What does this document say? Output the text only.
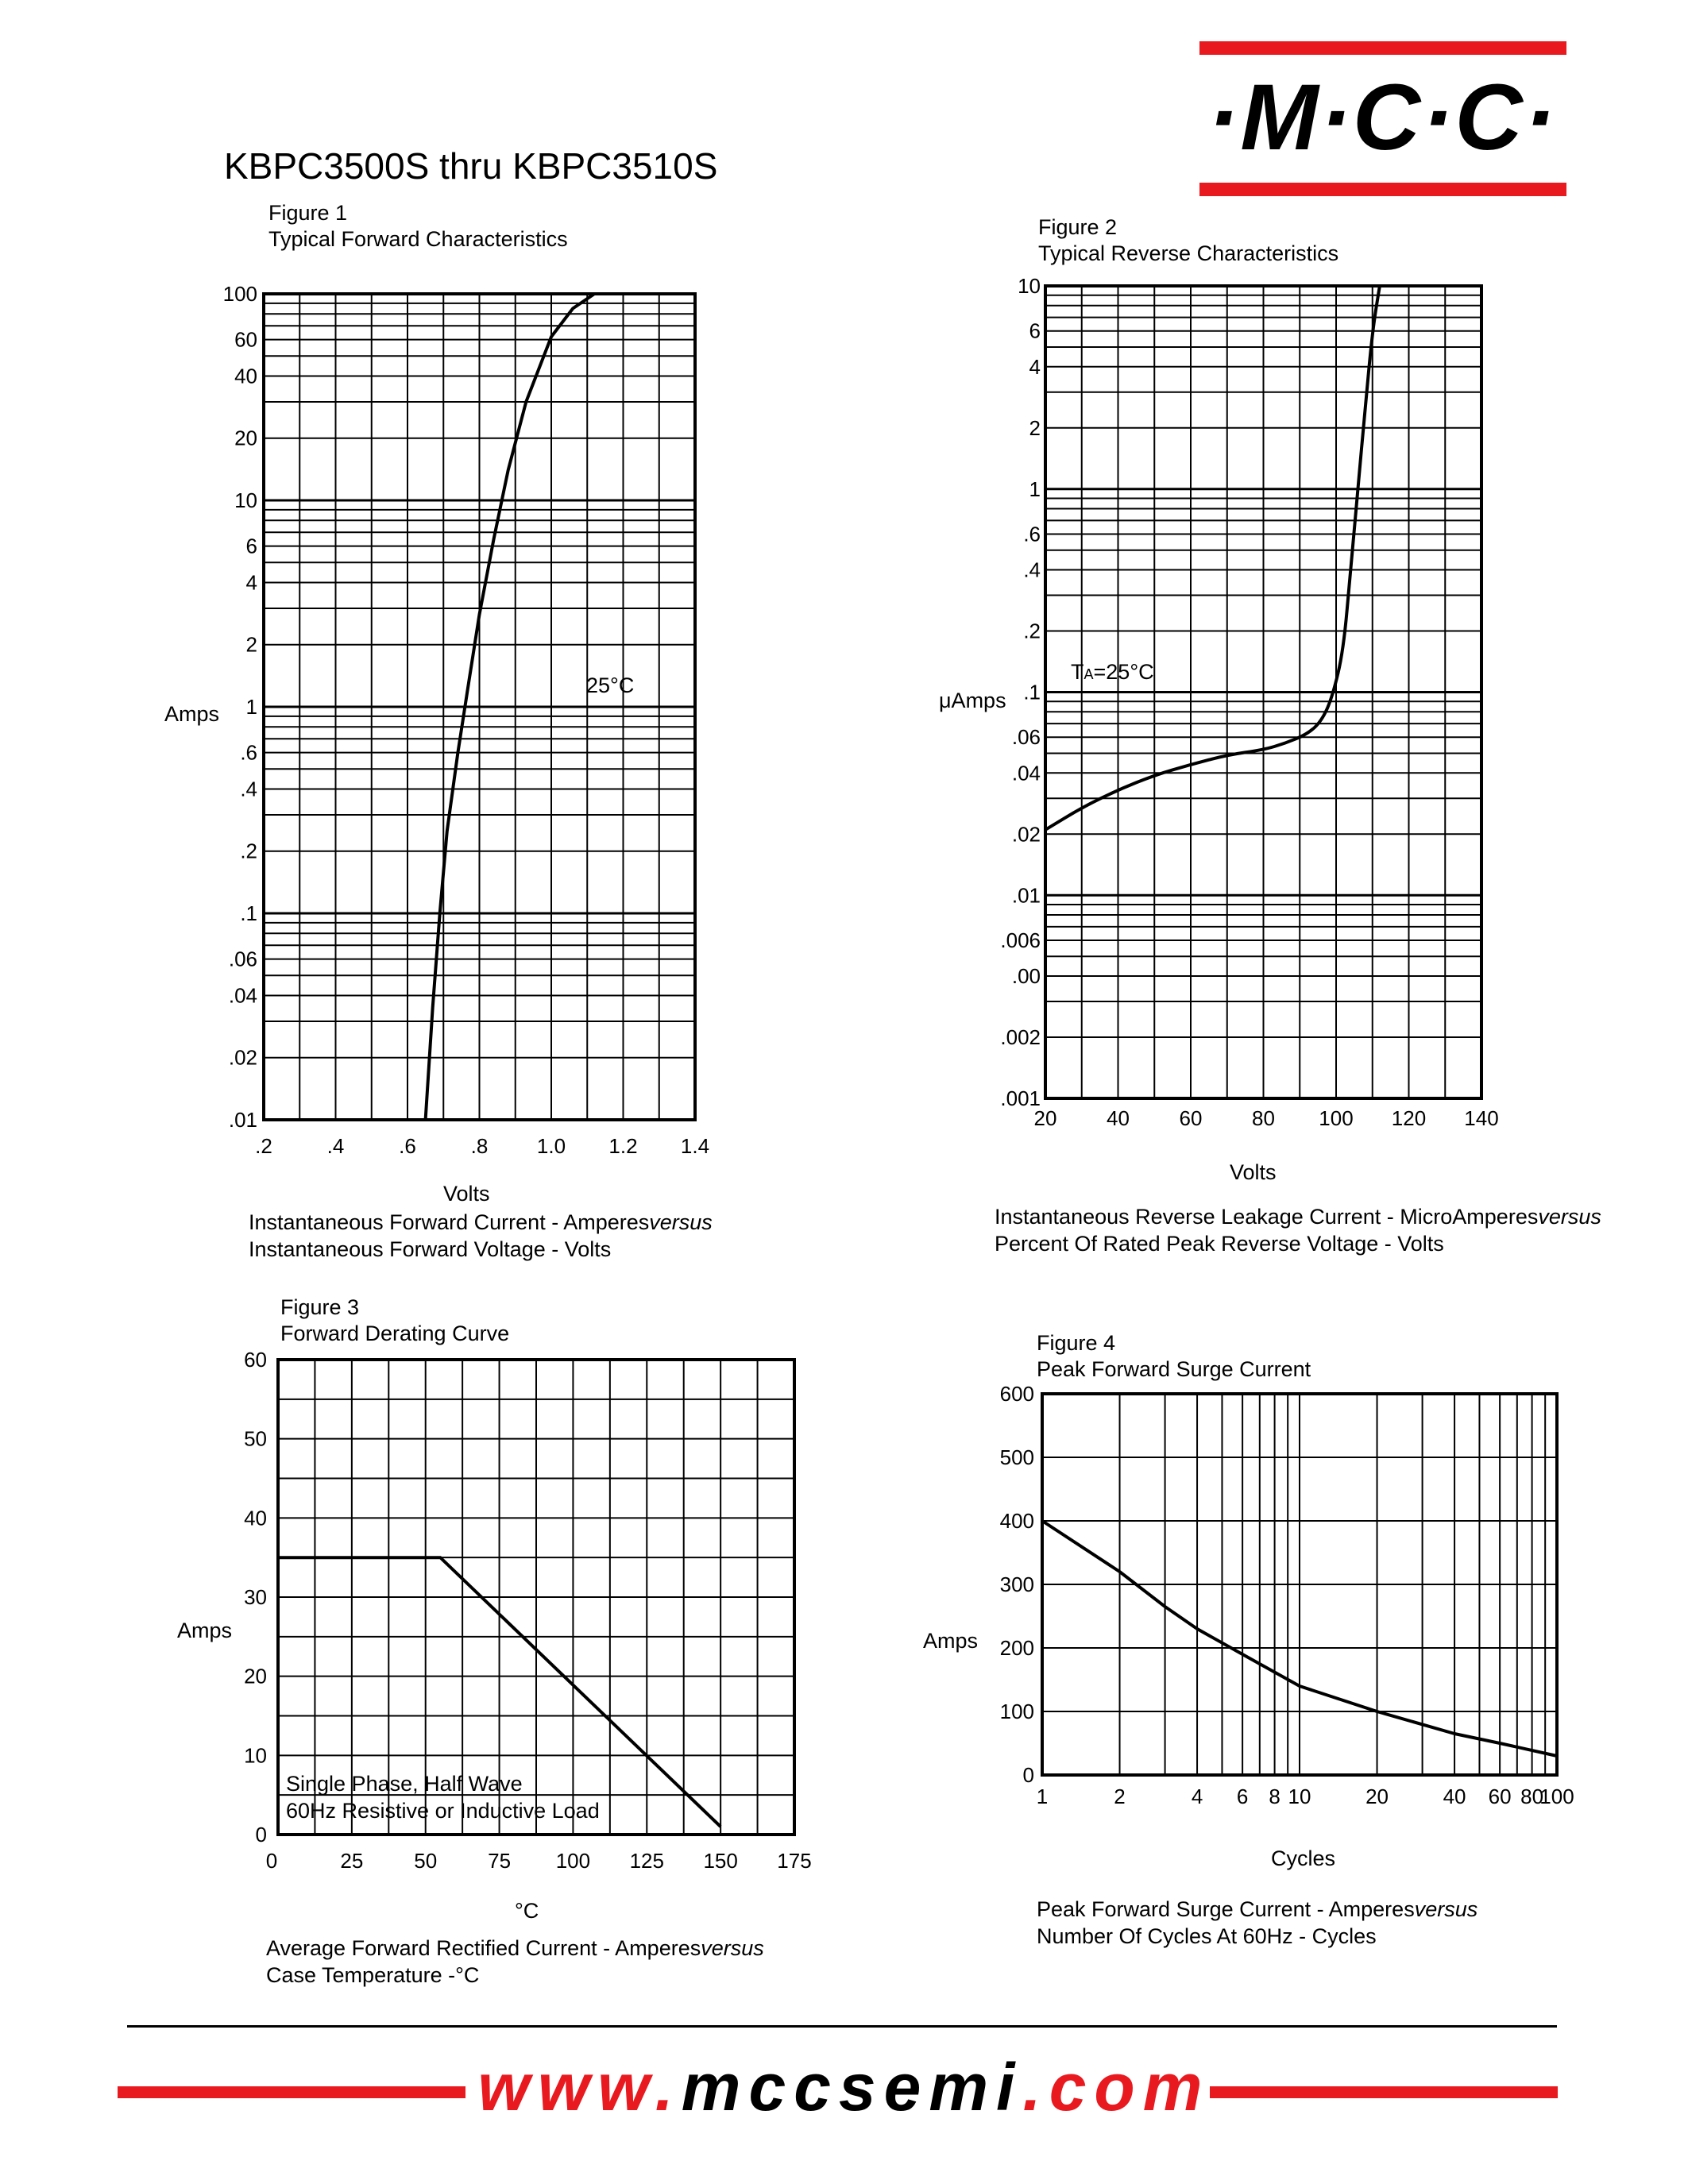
·M·C·C·
KBPC3500S thru KBPC3510S
Figure 1
Typical Forward Characteristics	Figure 2
Typical Reverse Characteristics
Figure 3
Forward Derating Curve	Figure 4
Peak Forward Surge Current
100
60
40
20
10
6
4
2
1
.6
.4
.2
.1
.06
.04
.02
.01
.2	.4	.6	.8 1.0 1.2 1.4
10
6
4
2
1
.6
.4
.2
.1
.06
.04
.02
.01
.006
.00
.002
.001
20 40 60 80 100 120 140
60
50
40
30
20
10
0
0	25 50 75 100 125 150 175
600
500
400
300
200
100
0
1	2	4 6 8 10	20	40 60 80
100
Amps
Volts
25°C
μAmps
Volts
TA=25°C
Amps
°C
Single Phase, Half Wave
60Hz Resistive or Inductive Load
Amps
Cycles
Instantaneous Forward Current - Amperesversus
Instantaneous Forward Voltage - Volts
Instantaneous Reverse Leakage Current - MicroAmperesversus
Percent Of Rated Peak Reverse Voltage - Volts
Average Forward Rectified Current - Amperesversus
Case Temperature -°C
Peak Forward Surge Current - Amperesversus
Number Of Cycles At 60Hz - Cycles
www.mccsemi.com
